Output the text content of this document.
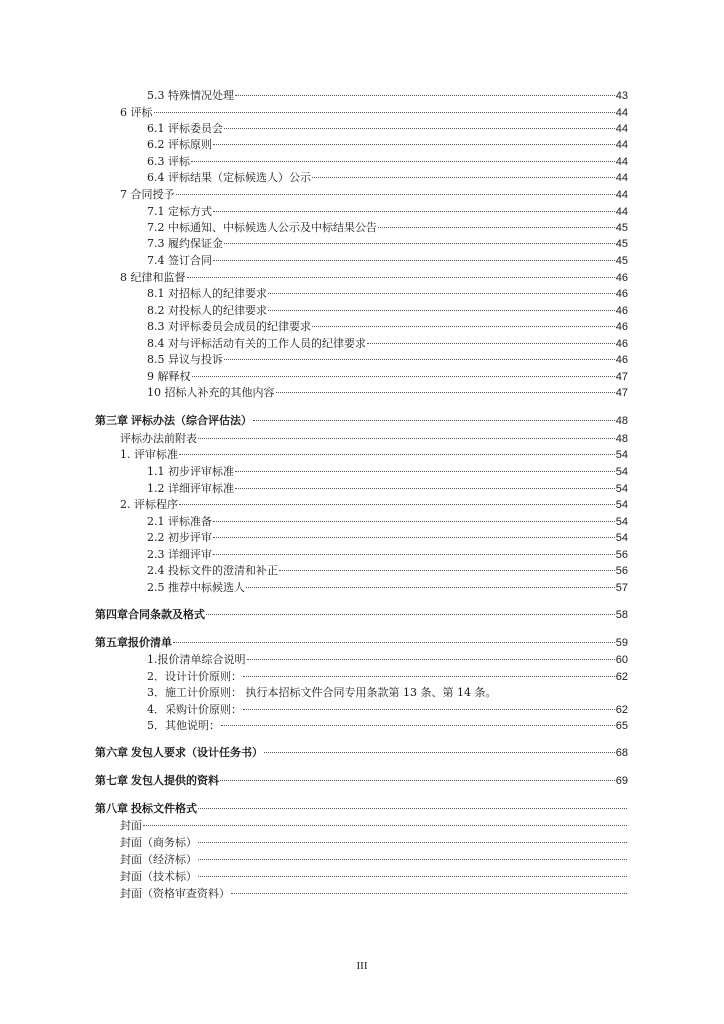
5.3 特殊情况处理	43
6 评标	44
6.1 评标委员会	44
6.2 评标原则	44
6.3 评标	44
6.4 评标结果（定标候选人）公示	44
7 合同授予	44
7.1 定标方式	44
7.2 中标通知、中标候选人公示及中标结果公告	45
7.3 履约保证金	45
7.4 签订合同	45
8 纪律和监督	46
8.1 对招标人的纪律要求	46
8.2 对投标人的纪律要求	46
8.3 对评标委员会成员的纪律要求	46
8.4 对与评标活动有关的工作人员的纪律要求	46
8.5 异议与投诉	46
9 解释权	47
10 招标人补充的其他内容	47
第三章 评标办法（综合评估法）	48
评标办法前附表	48
1. 评审标准	54
1.1 初步评审标准	54
1.2 详细评审标准	54
2. 评标程序	54
2.1 评标准备	54
2.2 初步评审	54
2.3 详细评审	56
2.4 投标文件的澄清和补正	56
2.5 推荐中标候选人	57
第四章合同条款及格式	58
第五章报价清单	59
1.报价清单综合说明	60
2．设计计价原则：	62
3．施工计价原则： 执行本招标文件合同专用条款第 13 条、第 14 条。
4．采购计价原则：	62
5．其他说明：	65
第六章 发包人要求（设计任务书）	68
第七章 发包人提供的资料	69
第八章 投标文件格式
封面
封面（商务标）
封面（经济标）
封面（技术标）
封面（资格审查资料）
III
